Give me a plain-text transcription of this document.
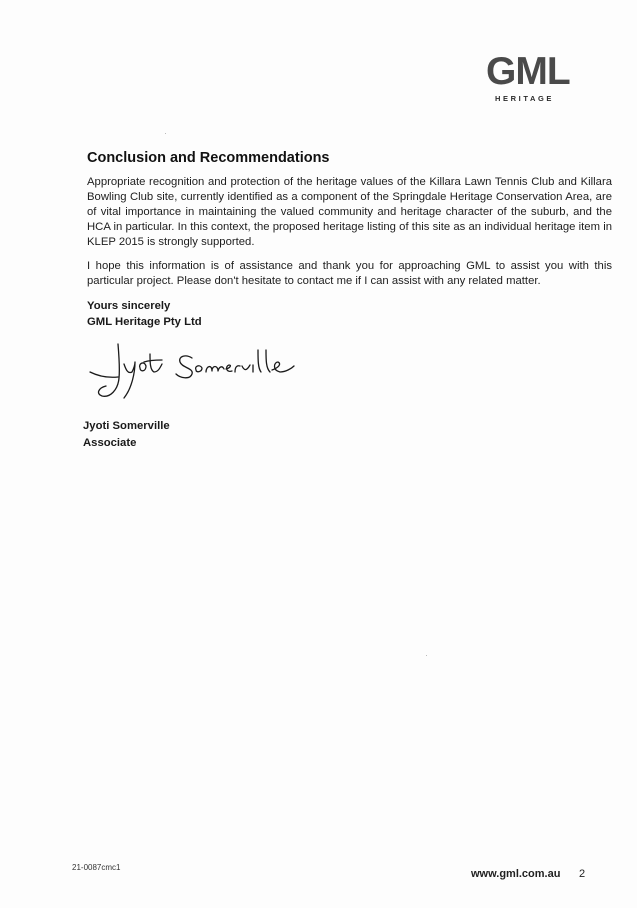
GML
HERITAGE
Conclusion and Recommendations

Appropriate recognition and protection of the heritage values of the Killara Lawn Tennis Club and Killara Bowling Club site, currently identified as a component of the Springdale Heritage Conservation Area, are of vital importance in maintaining the valued community and heritage character of the suburb, and the HCA in particular. In this context, the proposed heritage listing of this site as an individual heritage item in KLEP 2015 is strongly supported.

I hope this information is of assistance and thank you for approaching GML to assist you with this particular project. Please don't hesitate to contact me if I can assist with any related matter.

Yours sincerely

GML Heritage Pty Ltd

Jyoti Somerville
Associate
21-0087cmc1
www.gml.com.au 2
